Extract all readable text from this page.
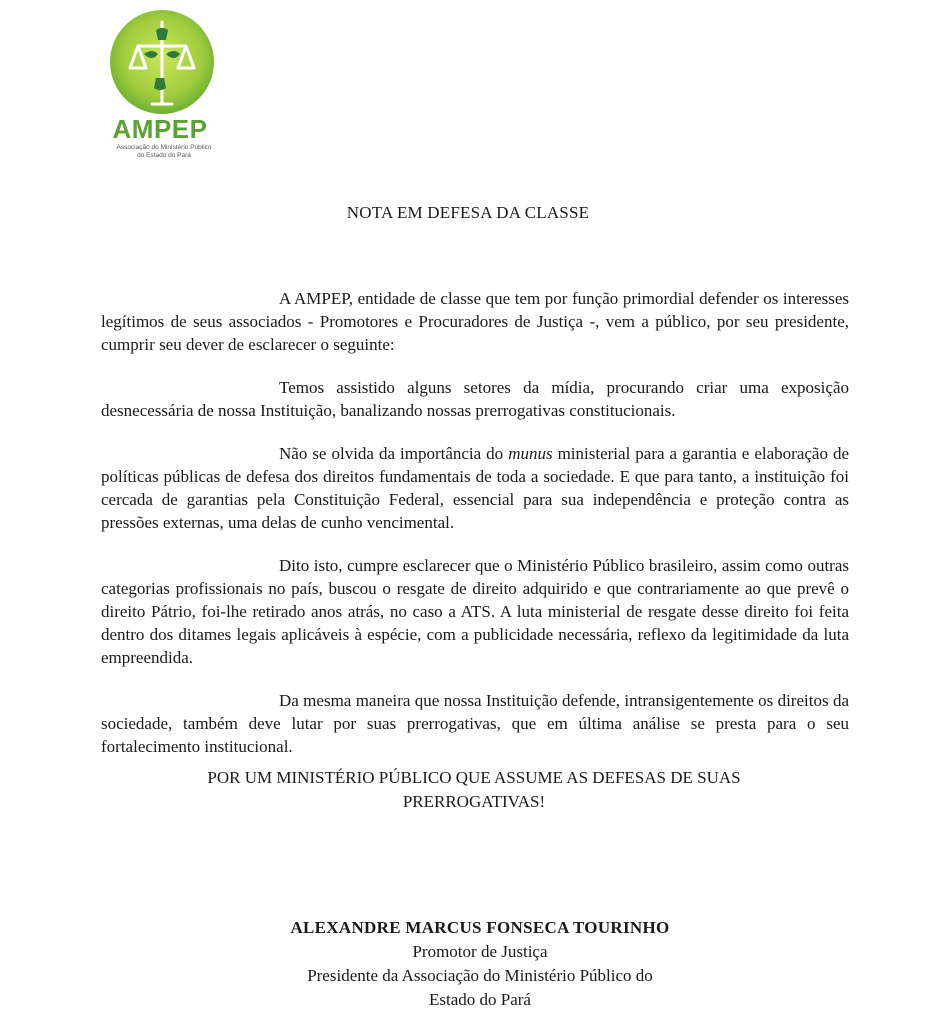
AMPEP
Associação do Ministério Público
do Estado do Pará
NOTA EM DEFESA DA CLASSE

A AMPEP, entidade de classe que tem por função primordial defender os interesses legítimos de seus associados - Promotores e Procuradores de Justiça -, vem a público, por seu presidente, cumprir seu dever de esclarecer o seguinte:

Temos assistido alguns setores da mídia, procurando criar uma exposição desnecessária de nossa Instituição, banalizando nossas prerrogativas constitucionais.

Não se olvida da importância do munus ministerial para a garantia e elaboração de políticas públicas de defesa dos direitos fundamentais de toda a sociedade. E que para tanto, a instituição foi cercada de garantias pela Constituição Federal, essencial para sua independência e proteção contra as pressões externas, uma delas de cunho vencimental.

Dito isto, cumpre esclarecer que o Ministério Público brasileiro, assim como outras categorias profissionais no país, buscou o resgate de direito adquirido e que contrariamente ao que prevê o direito Pátrio, foi-lhe retirado anos atrás, no caso a ATS. A luta ministerial de resgate desse direito foi feita dentro dos ditames legais aplicáveis à espécie, com a publicidade necessária, reflexo da legitimidade da luta empreendida.

Da mesma maneira que nossa Instituição defende, intransigentemente os direitos da sociedade, também deve lutar por suas prerrogativas, que em última análise se presta para o seu fortalecimento institucional.

POR UM MINISTÉRIO PÚBLICO QUE ASSUME AS DEFESAS DE SUAS
PRERROGATIVAS!
ALEXANDRE MARCUS FONSECA TOURINHO
Promotor de Justiça
Presidente da Associação do Ministério Público do
Estado do Pará
